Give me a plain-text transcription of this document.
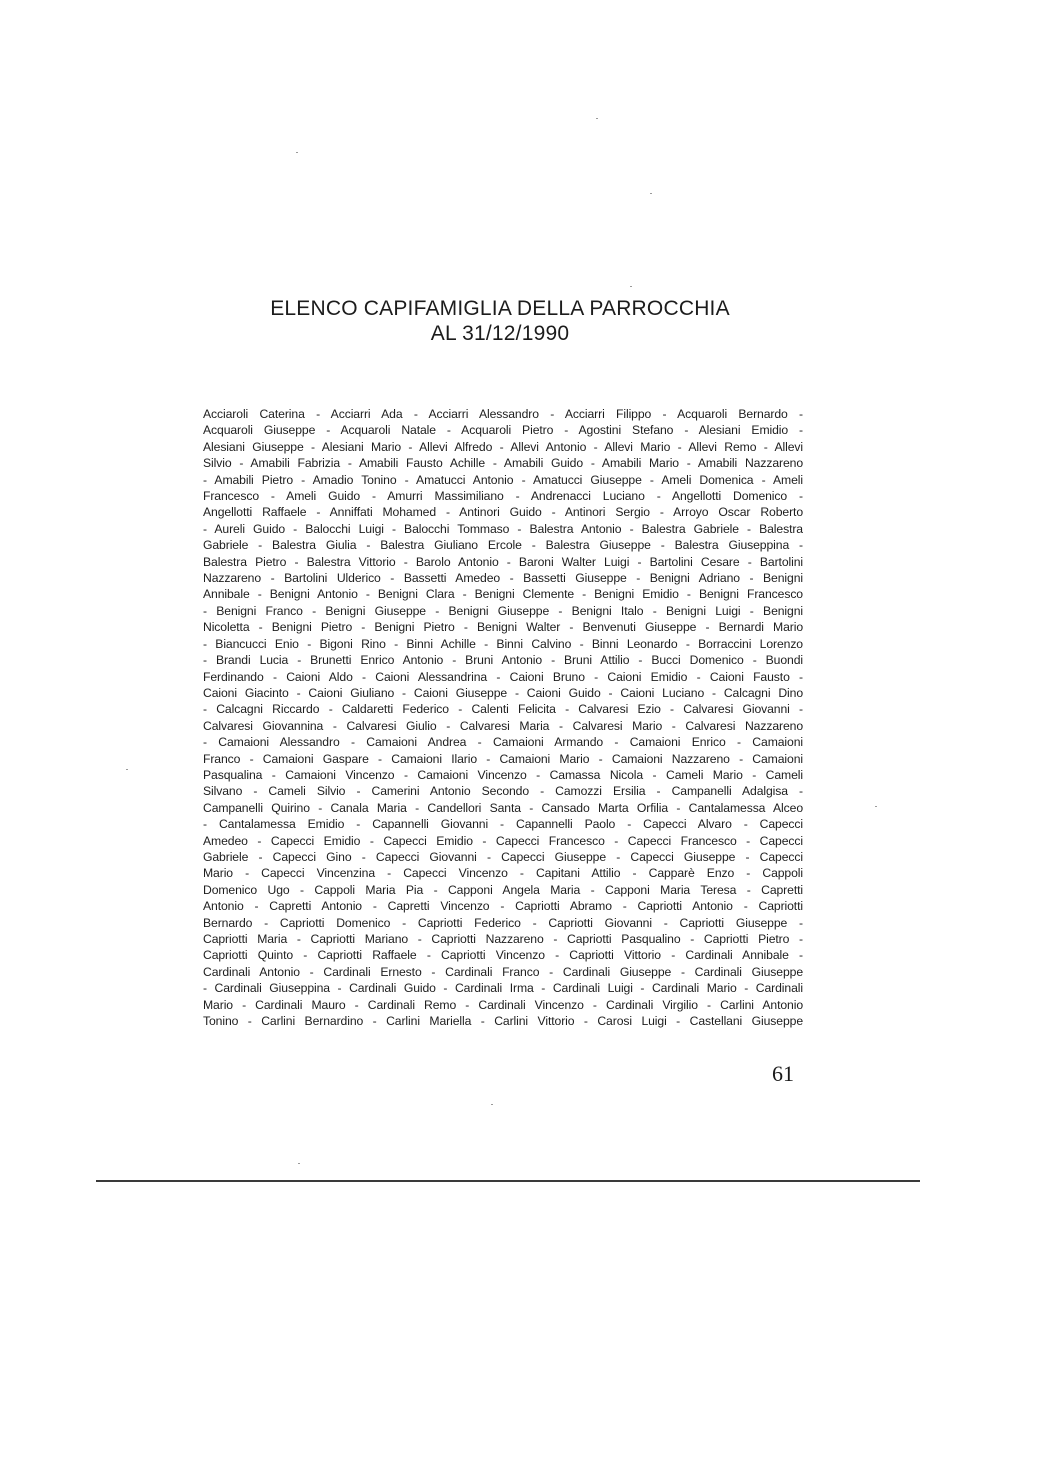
ELENCO CAPIFAMIGLIA DELLA PARROCCHIA
AL 31/12/1990
Acciaroli Caterina - Acciarri Ada - Acciarri Alessandro - Acciarri Filippo - Acquaroli Bernardo -
Acquaroli Giuseppe - Acquaroli Natale - Acquaroli Pietro - Agostini Stefano - Alesiani Emidio -
Alesiani Giuseppe - Alesiani Mario - Allevi Alfredo - Allevi Antonio - Allevi Mario - Allevi Remo - Allevi
Silvio - Amabili Fabrizia - Amabili Fausto Achille - Amabili Guido - Amabili Mario - Amabili Nazzareno
- Amabili Pietro - Amadio Tonino - Amatucci Antonio - Amatucci Giuseppe - Ameli Domenica - Ameli
Francesco - Ameli Guido - Amurri Massimiliano - Andrenacci Luciano - Angellotti Domenico -
Angellotti Raffaele - Anniffati Mohamed - Antinori Guido - Antinori Sergio - Arroyo Oscar Roberto
- Aureli Guido - Balocchi Luigi - Balocchi Tommaso - Balestra Antonio - Balestra Gabriele - Balestra
Gabriele - Balestra Giulia - Balestra Giuliano Ercole - Balestra Giuseppe - Balestra Giuseppina -
Balestra Pietro - Balestra Vittorio - Barolo Antonio - Baroni Walter Luigi - Bartolini Cesare - Bartolini
Nazzareno - Bartolini Ulderico - Bassetti Amedeo - Bassetti Giuseppe - Benigni Adriano - Benigni
Annibale - Benigni Antonio - Benigni Clara - Benigni Clemente - Benigni Emidio - Benigni Francesco
- Benigni Franco - Benigni Giuseppe - Benigni Giuseppe - Benigni Italo - Benigni Luigi - Benigni
Nicoletta - Benigni Pietro - Benigni Pietro - Benigni Walter - Benvenuti Giuseppe - Bernardi Mario
- Biancucci Enio - Bigoni Rino - Binni Achille - Binni Calvino - Binni Leonardo - Borraccini Lorenzo
- Brandi Lucia - Brunetti Enrico Antonio - Bruni Antonio - Bruni Attilio - Bucci Domenico - Buondi
Ferdinando - Caioni Aldo - Caioni Alessandrina - Caioni Bruno - Caioni Emidio - Caioni Fausto -
Caioni Giacinto - Caioni Giuliano - Caioni Giuseppe - Caioni Guido - Caioni Luciano - Calcagni Dino
- Calcagni Riccardo - Caldaretti Federico - Calenti Felicita - Calvaresi Ezio - Calvaresi Giovanni -
Calvaresi Giovannina - Calvaresi Giulio - Calvaresi Maria - Calvaresi Mario - Calvaresi Nazzareno
- Camaioni Alessandro - Camaioni Andrea - Camaioni Armando - Camaioni Enrico - Camaioni
Franco - Camaioni Gaspare - Camaioni Ilario - Camaioni Mario - Camaioni Nazzareno - Camaioni
Pasqualina - Camaioni Vincenzo - Camaioni Vincenzo - Camassa Nicola - Cameli Mario - Cameli
Silvano - Cameli Silvio - Camerini Antonio Secondo - Camozzi Ersilia - Campanelli Adalgisa -
Campanelli Quirino - Canala Maria - Candellori Santa - Cansado Marta Orfilia - Cantalamessa Alceo
- Cantalamessa Emidio - Capannelli Giovanni - Capannelli Paolo - Capecci Alvaro - Capecci
Amedeo - Capecci Emidio - Capecci Emidio - Capecci Francesco - Capecci Francesco - Capecci
Gabriele - Capecci Gino - Capecci Giovanni - Capecci Giuseppe - Capecci Giuseppe - Capecci
Mario - Capecci Vincenzina - Capecci Vincenzo - Capitani Attilio - Capparè Enzo - Cappoli
Domenico Ugo - Cappoli Maria Pia - Capponi Angela Maria - Capponi Maria Teresa - Capretti
Antonio - Capretti Antonio - Capretti Vincenzo - Capriotti Abramo - Capriotti Antonio - Capriotti
Bernardo - Capriotti Domenico - Capriotti Federico - Capriotti Giovanni - Capriotti Giuseppe -
Capriotti Maria - Capriotti Mariano - Capriotti Nazzareno - Capriotti Pasqualino - Capriotti Pietro -
Capriotti Quinto - Capriotti Raffaele - Capriotti Vincenzo - Capriotti Vittorio - Cardinali Annibale -
Cardinali Antonio - Cardinali Ernesto - Cardinali Franco - Cardinali Giuseppe - Cardinali Giuseppe
- Cardinali Giuseppina - Cardinali Guido - Cardinali Irma - Cardinali Luigi - Cardinali Mario - Cardinali
Mario - Cardinali Mauro - Cardinali Remo - Cardinali Vincenzo - Cardinali Virgilio - Carlini Antonio
Tonino - Carlini Bernardino - Carlini Mariella - Carlini Vittorio - Carosi Luigi - Castellani Giuseppe
61
